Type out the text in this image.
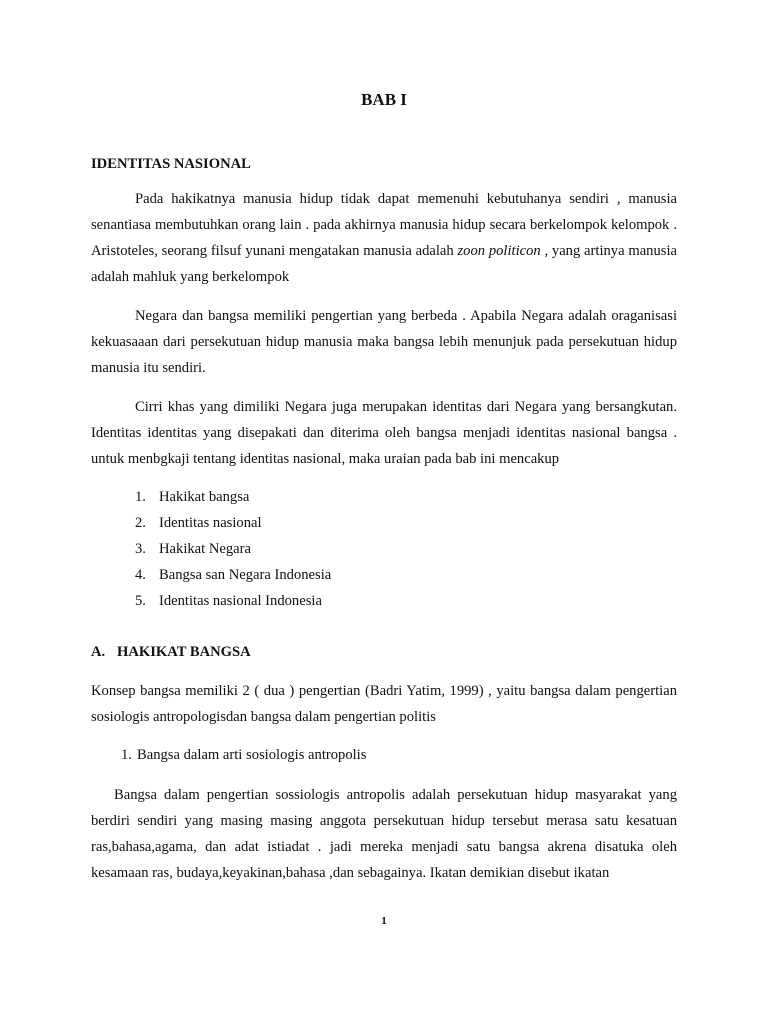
BAB I
IDENTITAS NASIONAL

Pada hakikatnya manusia hidup tidak dapat memenuhi kebutuhanya sendiri , manusia senantiasa membutuhkan orang lain . pada akhirnya manusia hidup secara berkelompok kelompok . Aristoteles, seorang filsuf yunani mengatakan manusia adalah zoon politicon , yang artinya manusia adalah mahluk yang berkelompok

Negara dan bangsa memiliki pengertian yang berbeda . Apabila Negara adalah oraganisasi kekuasaaan dari persekutuan hidup manusia maka bangsa lebih menunjuk pada persekutuan hidup manusia itu sendiri.

Cirri khas yang dimiliki Negara juga merupakan identitas dari Negara yang bersangkutan. Identitas identitas yang disepakati dan diterima oleh bangsa menjadi identitas nasional bangsa . untuk menbgkaji tentang identitas nasional, maka uraian pada bab ini mencakup

1. Hakikat bangsa
2. Identitas nasional
3. Hakikat Negara
4. Bangsa san Negara Indonesia
5. Identitas nasional Indonesia
A. HAKIKAT BANGSA

Konsep bangsa memiliki 2 ( dua ) pengertian (Badri Yatim, 1999) , yaitu bangsa dalam pengertian sosiologis antropologisdan bangsa dalam pengertian politis

1. Bangsa dalam arti sosiologis antropolis

Bangsa dalam pengertian sossiologis antropolis adalah persekutuan hidup masyarakat yang berdiri sendiri yang masing masing anggota persekutuan hidup tersebut merasa satu kesatuan ras,bahasa,agama, dan adat istiadat . jadi mereka menjadi satu bangsa akrena disatuka oleh kesamaan ras, budaya,keyakinan,bahasa ,dan sebagainya. Ikatan demikian disebut ikatan

1
